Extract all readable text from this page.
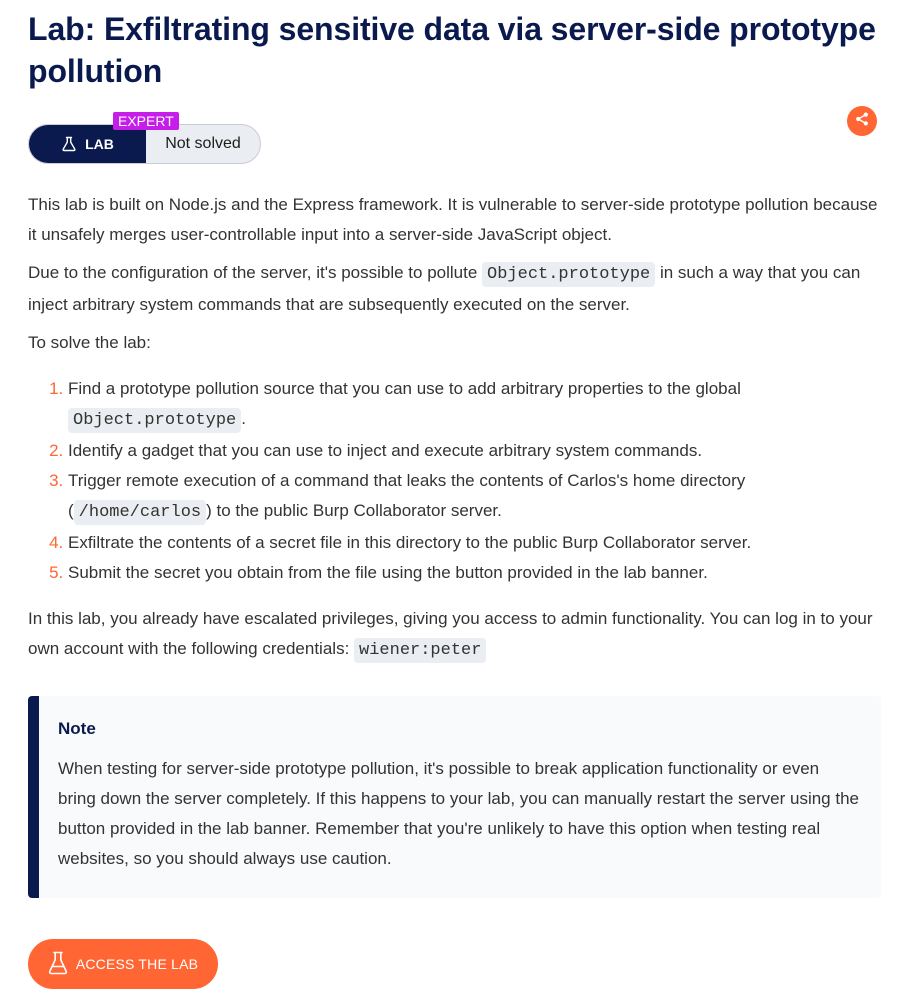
Lab: Exfiltrating sensitive data via server-side prototype pollution
LAB	Not solved
EXPERT

This lab is built on Node.js and the Express framework. It is vulnerable to server-side prototype pollution because it unsafely merges user-controllable input into a server-side JavaScript object.

Due to the configuration of the server, it's possible to pollute Object.prototype in such a way that you can inject arbitrary system commands that are subsequently executed on the server.

To solve the lab:

1. Find a prototype pollution source that you can use to add arbitrary properties to the global Object.prototype .
2. Identify a gadget that you can use to inject and execute arbitrary system commands.
3. Trigger remote execution of a command that leaks the contents of Carlos's home directory ( /home/carlos ) to the public Burp Collaborator server.
4. Exfiltrate the contents of a secret file in this directory to the public Burp Collaborator server.
5. Submit the secret you obtain from the file using the button provided in the lab banner.

In this lab, you already have escalated privileges, giving you access to admin functionality. You can log in to your own account with the following credentials: wiener:peter

Note
When testing for server-side prototype pollution, it's possible to break application functionality or even bring down the server completely. If this happens to your lab, you can manually restart the server using the button provided in the lab banner. Remember that you're unlikely to have this option when testing real websites, so you should always use caution.
ACCESS THE LAB
